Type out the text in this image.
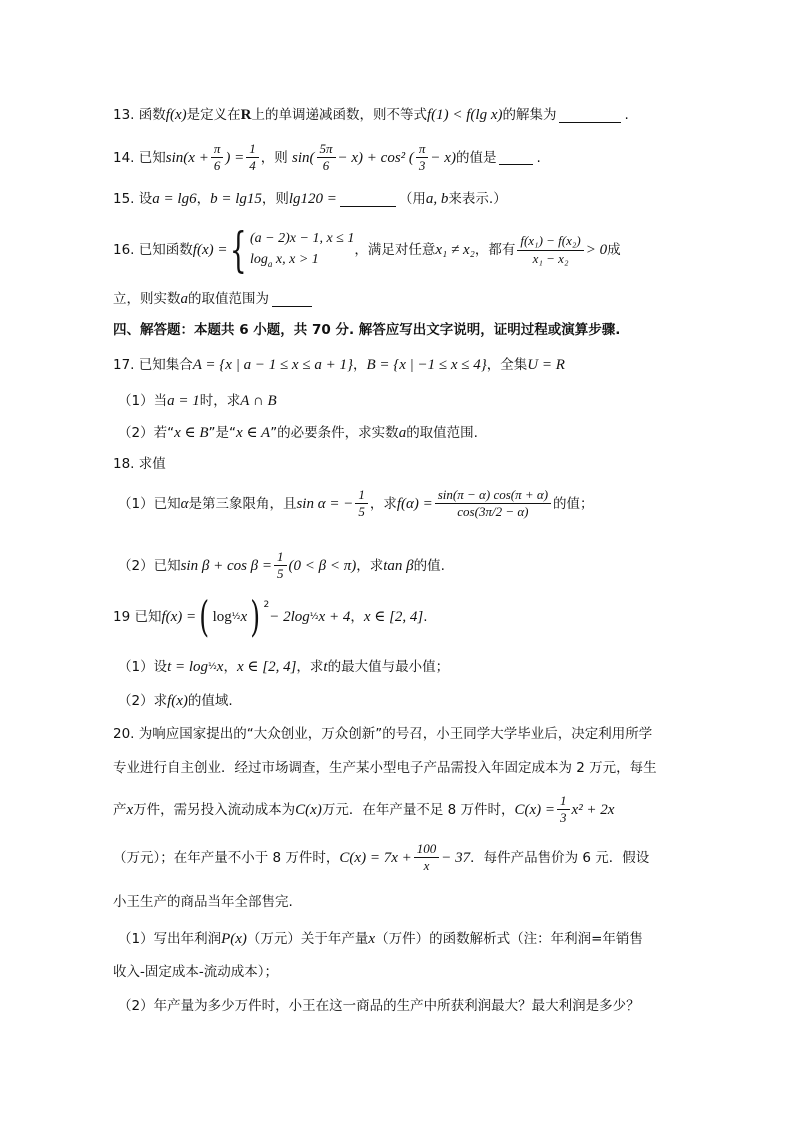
13.
函数 f(x) 是定义在 R 上的单调递减函数，则不等式 f(1) < f(lg x) 的解集为	.
14.
已知 $\sin(x + \frac{\pi}{6}$ ) = $\frac{1}{4}$ ，则
$\sin( \frac{5\pi}{6} - x) + \cos^2$ ( $\frac{\pi}{3} - x$) 的值是	.
15.
设 a = lg6 ， b = lg15 ，则 lg120 =	（用 a, b 来表示.）
16.
已知函数 f(x) = { (a − 2)x − 1, x ≤ 1
$\log_a x$, x > 1
，满足对任意 x₁ ≠ x₂ ，都有 $\frac{\text{f(x₁) − f(x₂)}}{\text{x₁ − x₂}} > 0$ 成
立，则实数 a 的取值范围为
四、解答题：本题共 6 小题，共 70 分. 解答应写出文字说明，证明过程或演算步骤.
17.
已知集合 A = {x | a − 1 ≤ x ≤ a + 1} ， B = {x | −1 ≤ x ≤ 4} ，全集 U = R
（1）当 a = 1 时，求 A ∩ B
（2）若“ x ∈ B ”是“ x ∈ A ”的必要条件，求实数 a 的取值范围.
18.
求值
（1）已知 α 是第三象限角，且 sin α = − $\frac{1}{5}$ ，求 $f(\alpha) = \frac{\sin(\pi - \alpha) \cos(\pi + \alpha)}{\cos(3\pi/2 - \alpha)}$ 的值；
（2）已知 $\sin \beta + \cos \beta = \frac{1}{5} (0 < \beta < \pi)$ ，求 tan β 的值.
19
已知 f(x) = ( log ½ x ) 2
− 2log ½ x + 4 ， x ∈ [2, 4] .
（1）设 t = log ½ x ， x ∈ [2, 4] ，求 t 的最大值与最小值；
（2）求 f(x) 的值域.
20. 为响应国家提出的“大众创业，万众创新”的号召，小王同学大学毕业后，决定利用所学
专业进行自主创业．经过市场调查，生产某小型电子产品需投入年固定成本为 2 万元，每生
产 x 万件，需另投入流动成本为 C(x) 万元．在年产量不足 8 万件时， $C(x) = \frac{1}{3} x^2 + 2x$
（万元）；在年产量不小于 8 万件时， $C(x) = 7x + \frac{100}{x} - 37$ ．每件产品售价为 6 元．假设
小王生产的商品当年全部售完.
（1）写出年利润 P(x) （万元）关于年产量 x （万件）的函数解析式（注：年利润=年销售
收入-固定成本-流动成本）；
（2）年产量为多少万件时，小王在这一商品的生产中所获利润最大？最大利润是多少？
